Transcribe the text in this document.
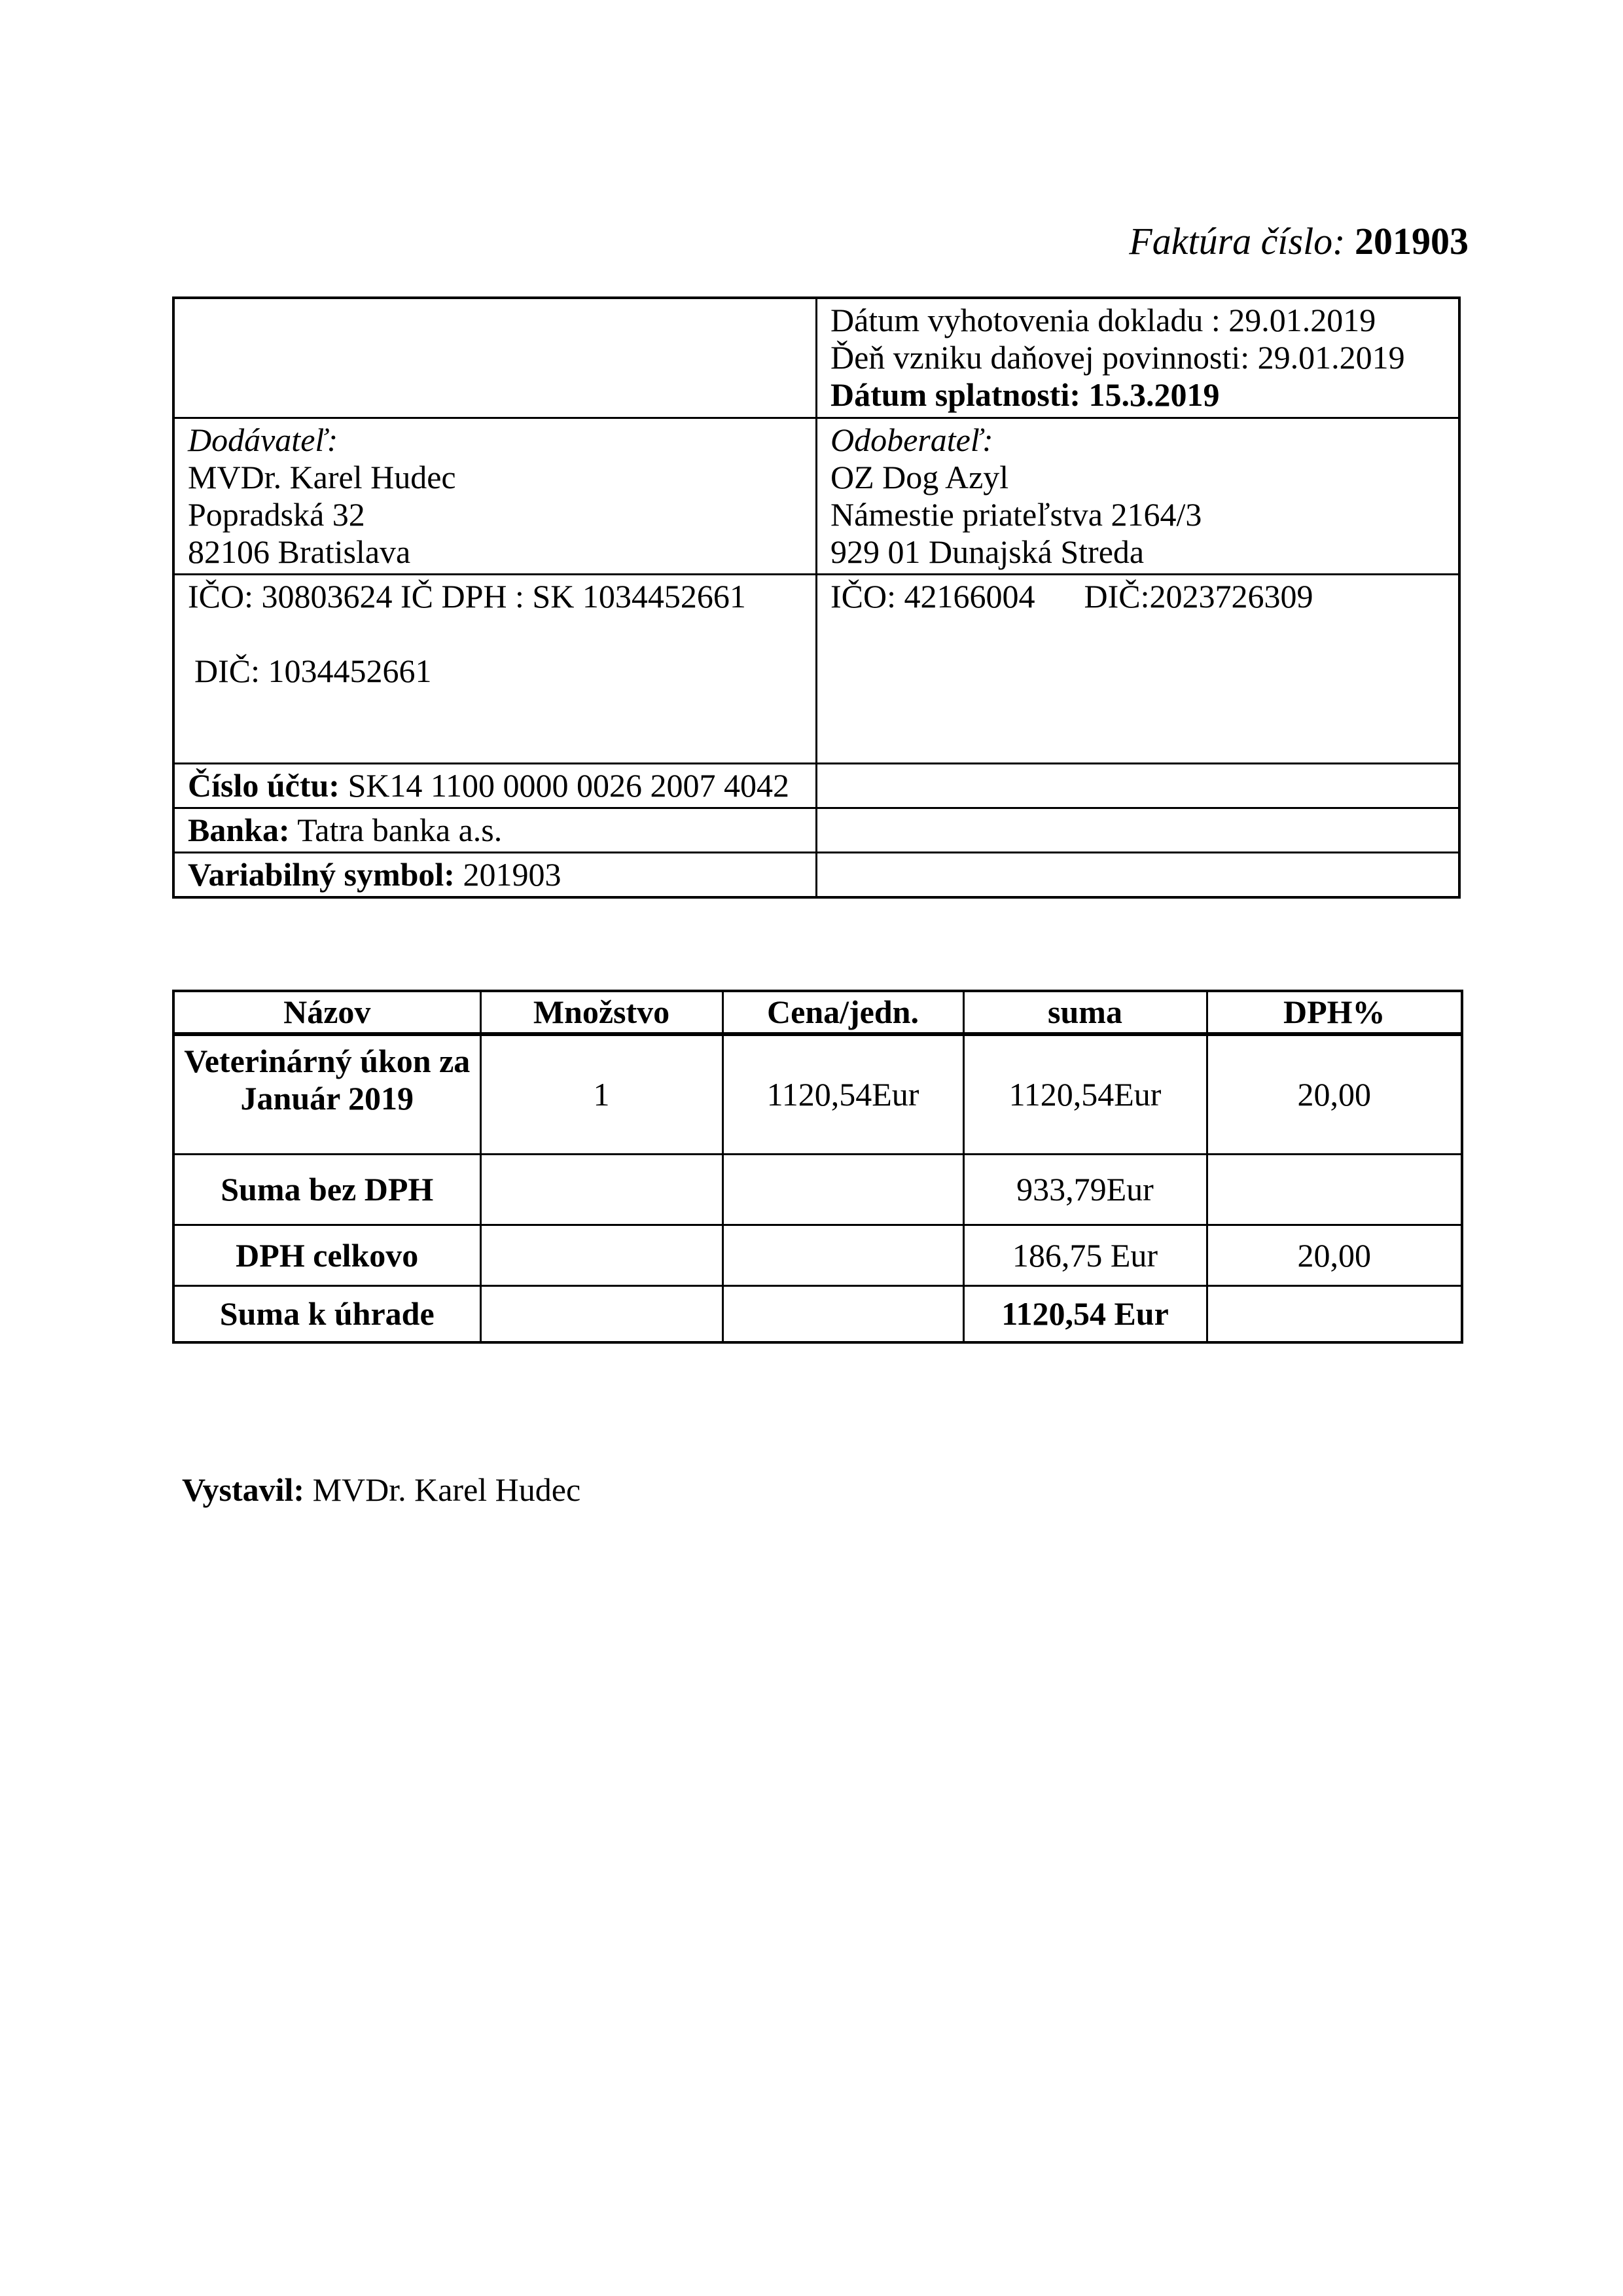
Faktúra číslo: 201903

	Dátum vyhotovenia dokladu : 29.01.2019
Ďeň vzniku daňovej povinnosti: 29.01.2019
Dátum splatnosti: 15.3.2019

Dodávateľ:
MVDr. Karel Hudec
Popradská 32
82106 Bratislava

Odoberateľ:
OZ Dog Azyl
Námestie priateľstva 2164/3
929 01 Dunajská Streda

IČO: 30803624 IČ DPH : SK 1034452661
DIČ: 1034452661	IČO: 42166004      DIČ:2023726309

Číslo účtu: SK14 1100 0000 0026 2007 4042	
Banka: Tatra banka a.s.	
Variabilný symbol: 201903	
Názov	Množstvo	Cena/jedn.	suma	DPH%

Veterinárný úkon za
Január 2019	1	1120,54Eur	1120,54Eur	20,00
Suma bez DPH			933,79Eur	
DPH celkovo			186,75 Eur	20,00
Suma k úhrade			1120,54 Eur	
Vystavil: MVDr. Karel Hudec
